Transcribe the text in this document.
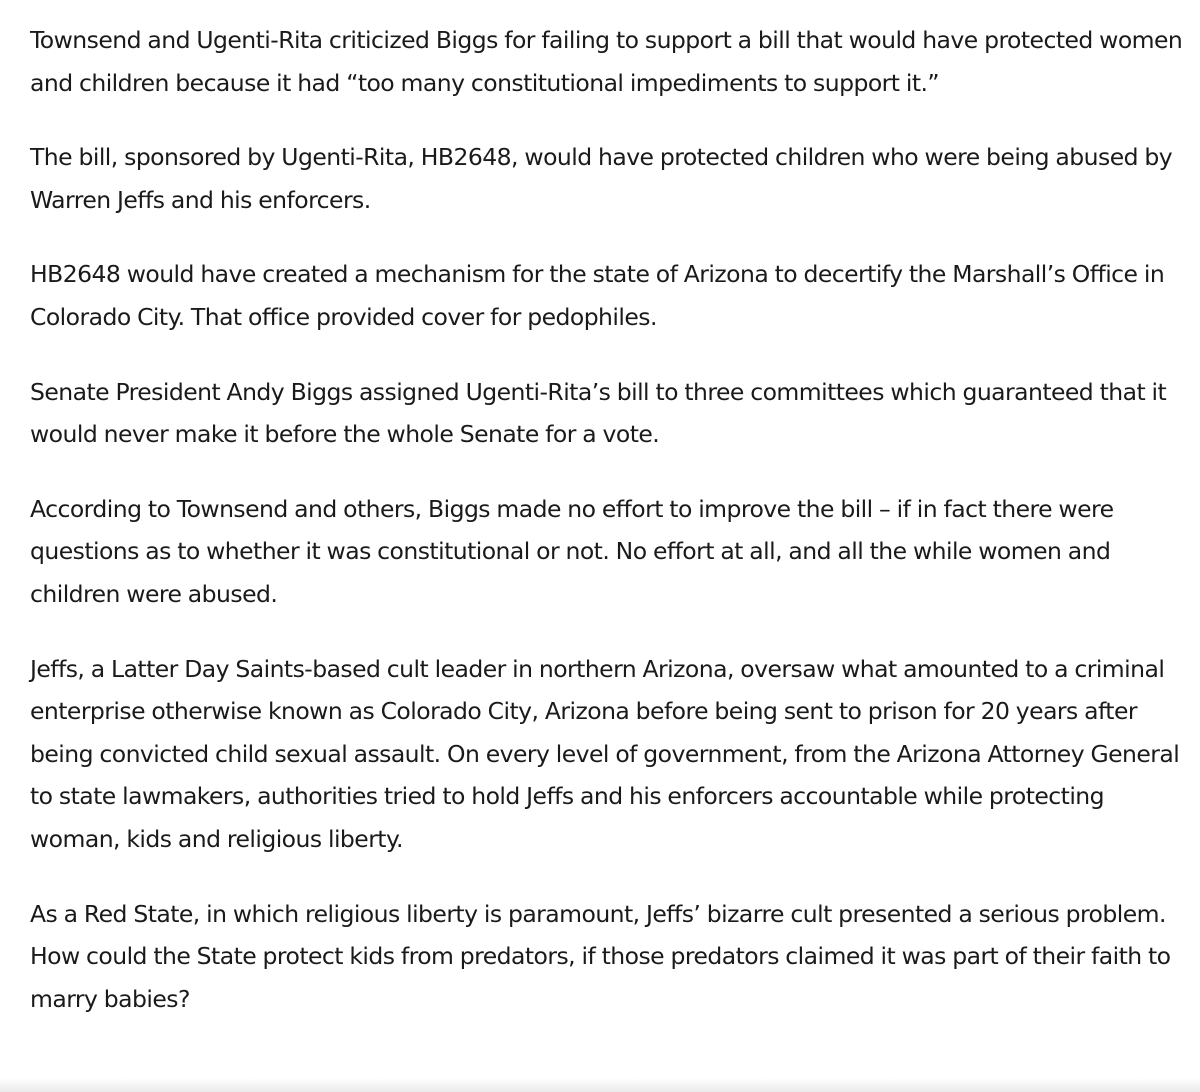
Townsend and Ugenti-Rita criticized Biggs for failing to support a bill that would have protected women and children because it had “too many constitutional impediments to support it.”

The bill, sponsored by Ugenti-Rita, HB2648, would have protected children who were being abused by Warren Jeffs and his enforcers.

HB2648 would have created a mechanism for the state of Arizona to decertify the Marshall’s Office in Colorado City. That office provided cover for pedophiles.

Senate President Andy Biggs assigned Ugenti-Rita’s bill to three committees which guaranteed that it would never make it before the whole Senate for a vote.

According to Townsend and others, Biggs made no effort to improve the bill – if in fact there were questions as to whether it was constitutional or not. No effort at all, and all the while women and children were abused.

Jeffs, a Latter Day Saints-based cult leader in northern Arizona, oversaw what amounted to a criminal enterprise otherwise known as Colorado City, Arizona before being sent to prison for 20 years after being convicted child sexual assault. On every level of government, from the Arizona Attorney General to state lawmakers, authorities tried to hold Jeffs and his enforcers accountable while protecting woman, kids and religious liberty.

As a Red State, in which religious liberty is paramount, Jeffs’ bizarre cult presented a serious problem. How could the State protect kids from predators, if those predators claimed it was part of their faith to marry babies?
